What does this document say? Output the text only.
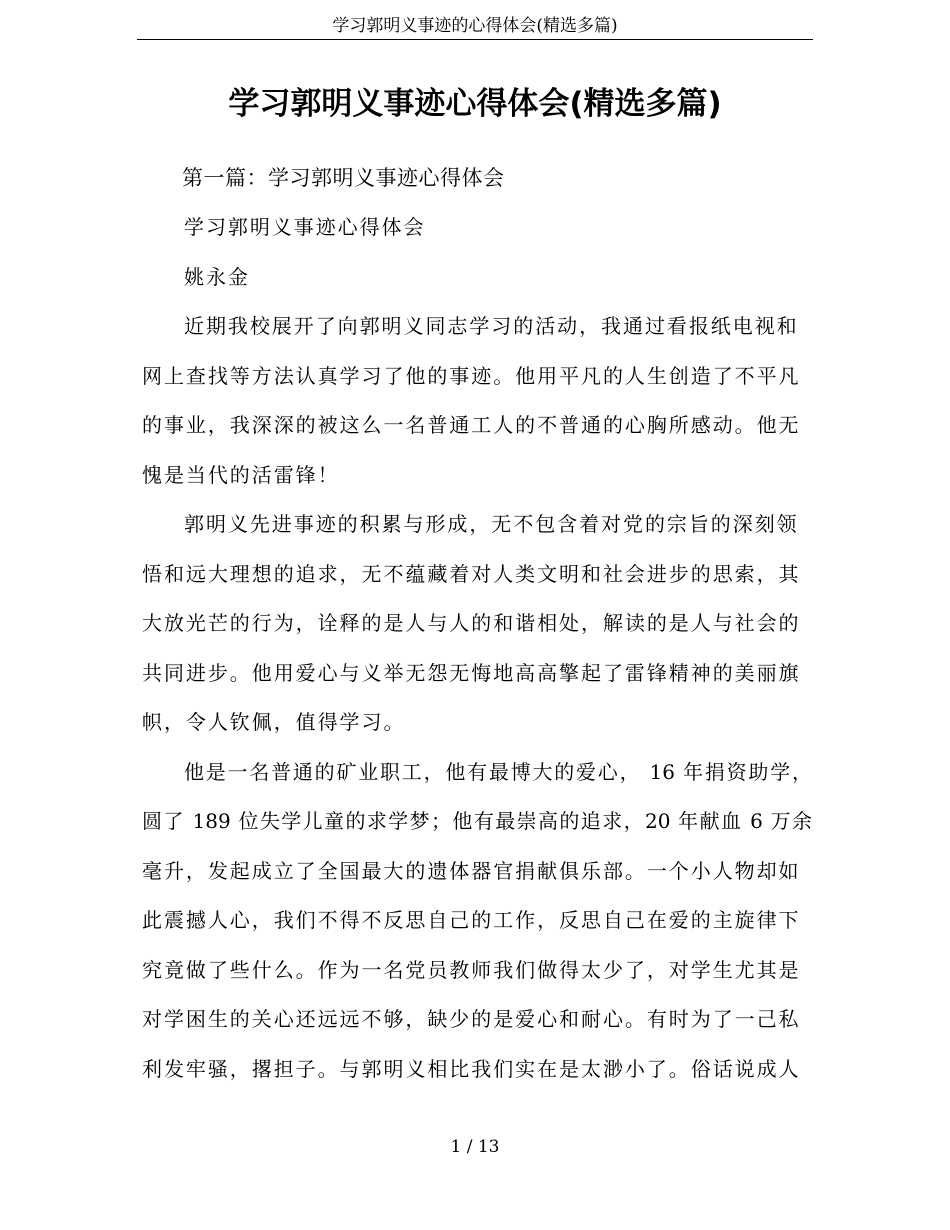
学习郭明义事迹的心得体会(精选多篇)
学习郭明义事迹心得体会(精选多篇)
第一篇：学习郭明义事迹心得体会
学习郭明义事迹心得体会
姚永金
近期我校展开了向郭明义同志学习的活动，我通过看报纸电视和
网上查找等方法认真学习了他的事迹。他用平凡的人生创造了不平凡
的事业，我深深的被这么一名普通工人的不普通的心胸所感动。他无
愧是当代的活雷锋！
郭明义先进事迹的积累与形成，无不包含着对党的宗旨的深刻领
悟和远大理想的追求，无不蕴藏着对人类文明和社会进步的思索，其
大放光芒的行为，诠释的是人与人的和谐相处，解读的是人与社会的
共同进步。他用爱心与义举无怨无悔地高高擎起了雷锋精神的美丽旗
帜，令人钦佩，值得学习。
他是一名普通的矿业职工，他有最博大的爱心， 16 年捐资助学，
圆了 189 位失学儿童的求学梦；他有最崇高的追求，20 年献血 6 万余
毫升，发起成立了全国最大的遗体器官捐献俱乐部。一个小人物却如
此震撼人心，我们不得不反思自己的工作，反思自己在爱的主旋律下
究竟做了些什么。作为一名党员教师我们做得太少了，对学生尤其是
对学困生的关心还远远不够，缺少的是爱心和耐心。有时为了一己私
利发牢骚，撂担子。与郭明义相比我们实在是太渺小了。俗话说成人
1 / 13
